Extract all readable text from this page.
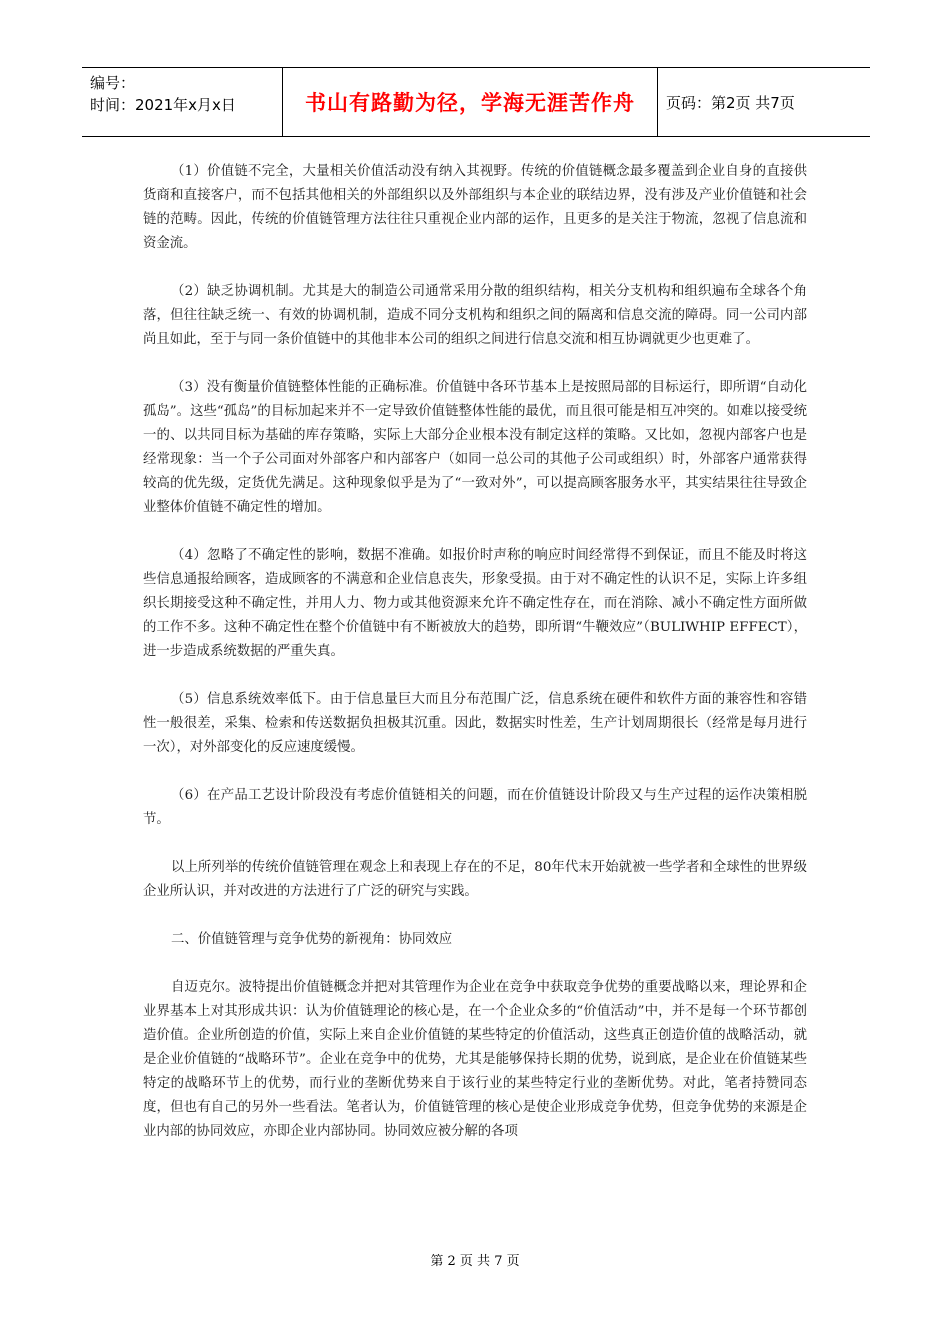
编号：
时间：2021年x月x日	书山有路勤为径，学海无涯苦作舟 页码：第2页 共7页

（1）价值链不完全，大量相关价值活动没有纳入其视野。传统的价值链概念最多覆盖到企业自身的直接供货商和直接客户，而不包括其他相关的外部组织以及外部组织与本企业的联结边界，没有涉及产业价值链和社会链的范畴。因此，传统的价值链管理方法往往只重视企业内部的运作，且更多的是关注于物流，忽视了信息流和资金流。

（2）缺乏协调机制。尤其是大的制造公司通常采用分散的组织结构，相关分支机构和组织遍布全球各个角落，但往往缺乏统一、有效的协调机制，造成不同分支机构和组织之间的隔离和信息交流的障碍。同一公司内部尚且如此，至于与同一条价值链中的其他非本公司的组织之间进行信息交流和相互协调就更少也更难了。

（3）没有衡量价值链整体性能的正确标准。价值链中各环节基本上是按照局部的目标运行，即所谓“自动化孤岛”。这些“孤岛”的目标加起来并不一定导致价值链整体性能的最优，而且很可能是相互冲突的。如难以接受统一的、以共同目标为基础的库存策略，实际上大部分企业根本没有制定这样的策略。又比如，忽视内部客户也是经常现象：当一个子公司面对外部客户和内部客户（如同一总公司的其他子公司或组织）时，外部客户通常获得较高的优先级，定货优先满足。这种现象似乎是为了“一致对外”，可以提高顾客服务水平，其实结果往往导致企业整体价值链不确定性的增加。

（4）忽略了不确定性的影响，数据不准确。如报价时声称的响应时间经常得不到保证，而且不能及时将这些信息通报给顾客，造成顾客的不满意和企业信息丧失，形象受损。由于对不确定性的认识不足，实际上许多组织长期接受这种不确定性，并用人力、物力或其他资源来允许不确定性存在，而在消除、减小不确定性方面所做的工作不多。这种不确定性在整个价值链中有不断被放大的趋势，即所谓“牛鞭效应”（BULIWHIP EFFECT），进一步造成系统数据的严重失真。

（5）信息系统效率低下。由于信息量巨大而且分布范围广泛，信息系统在硬件和软件方面的兼容性和容错性一般很差，采集、检索和传送数据负担极其沉重。因此，数据实时性差，生产计划周期很长（经常是每月进行一次），对外部变化的反应速度缓慢。

（6）在产品工艺设计阶段没有考虑价值链相关的问题，而在价值链设计阶段又与生产过程的运作决策相脱节。

以上所列举的传统价值链管理在观念上和表现上存在的不足，80年代末开始就被一些学者和全球性的世界级企业所认识，并对改进的方法进行了广泛的研究与实践。

二、价值链管理与竞争优势的新视角：协同效应

自迈克尔。波特提出价值链概念并把对其管理作为企业在竞争中获取竞争优势的重要战略以来，理论界和企业界基本上对其形成共识：认为价值链理论的核心是，在一个企业众多的“价值活动”中，并不是每一个环节都创造价值。企业所创造的价值，实际上来自企业价值链的某些特定的价值活动，这些真正创造价值的战略活动，就是企业价值链的“战略环节”。企业在竞争中的优势，尤其是能够保持长期的优势，说到底，是企业在价值链某些特定的战略环节上的优势，而行业的垄断优势来自于该行业的某些特定行业的垄断优势。对此，笔者持赞同态度，但也有自己的另外一些看法。笔者认为，价值链管理的核心是使企业形成竞争优势，但竞争优势的来源是企业内部的协同效应，亦即企业内部协同。协同效应被分解的各项

第 2 页 共 7 页
